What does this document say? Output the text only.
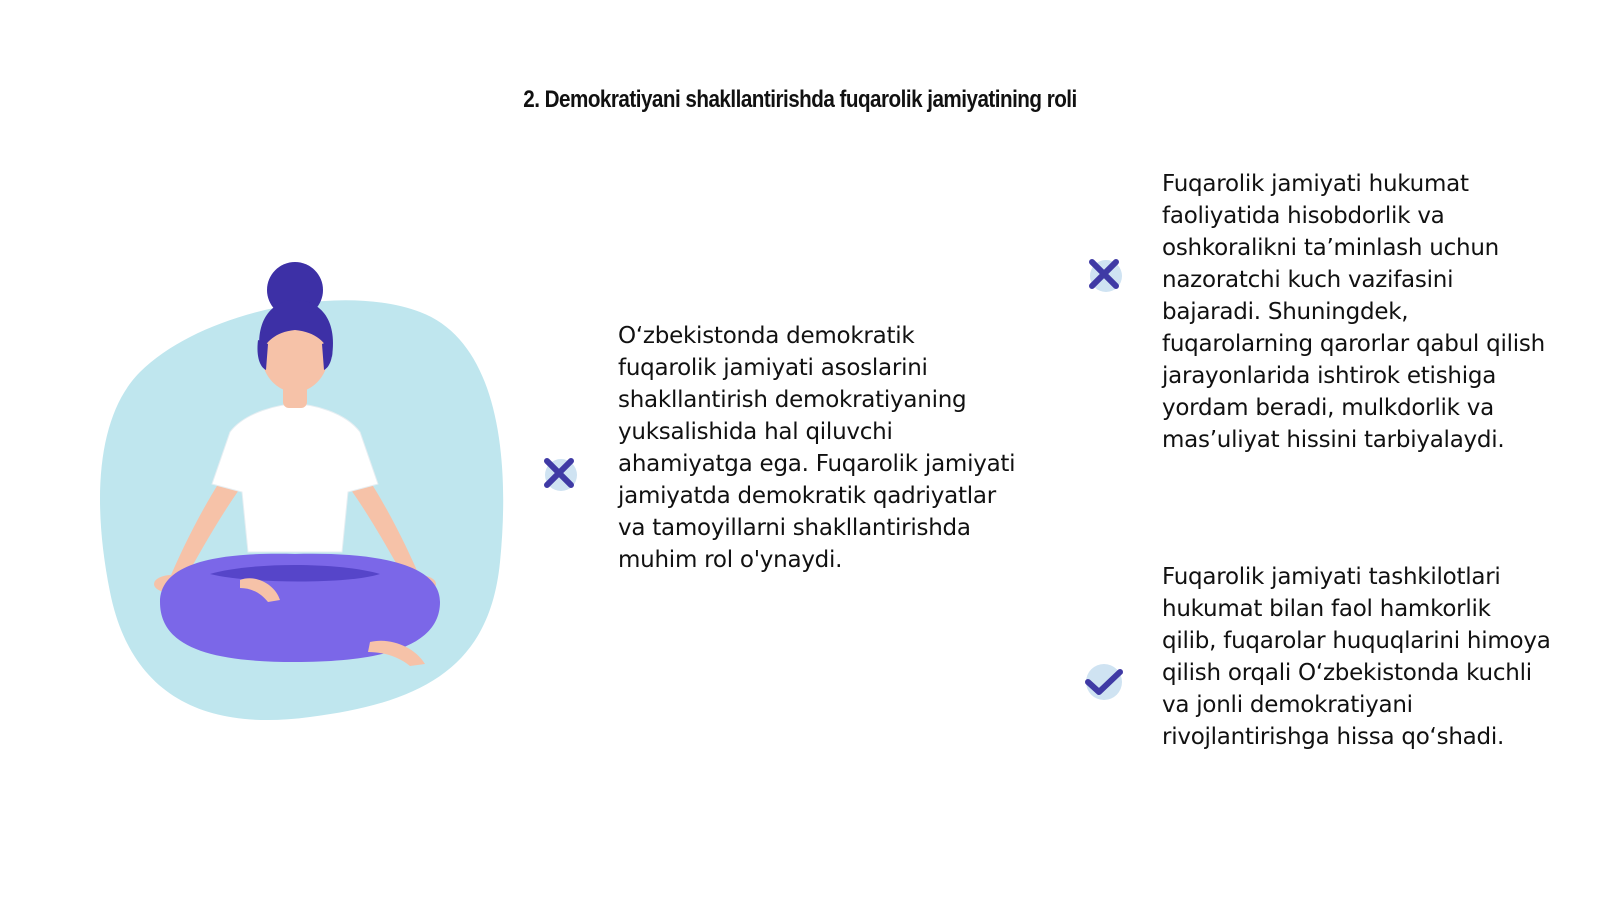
2. Demokratiyani shakllantirishda fuqarolik jamiyatining roli
O‘zbekistonda demokratik
fuqarolik jamiyati asoslarini
shakllantirish demokratiyaning
yuksalishida hal qiluvchi
ahamiyatga ega. Fuqarolik jamiyati
jamiyatda demokratik qadriyatlar
va tamoyillarni shakllantirishda
muhim rol o'ynaydi.
Fuqarolik jamiyati hukumat
faoliyatida hisobdorlik va
oshkoralikni ta’minlash uchun
nazoratchi kuch vazifasini
bajaradi. Shuningdek,
fuqarolarning qarorlar qabul qilish
jarayonlarida ishtirok etishiga
yordam beradi, mulkdorlik va
mas’uliyat hissini tarbiyalaydi.
Fuqarolik jamiyati tashkilotlari
hukumat bilan faol hamkorlik
qilib, fuqarolar huquqlarini himoya
qilish orqali O‘zbekistonda kuchli
va jonli demokratiyani
rivojlantirishga hissa qo‘shadi.
